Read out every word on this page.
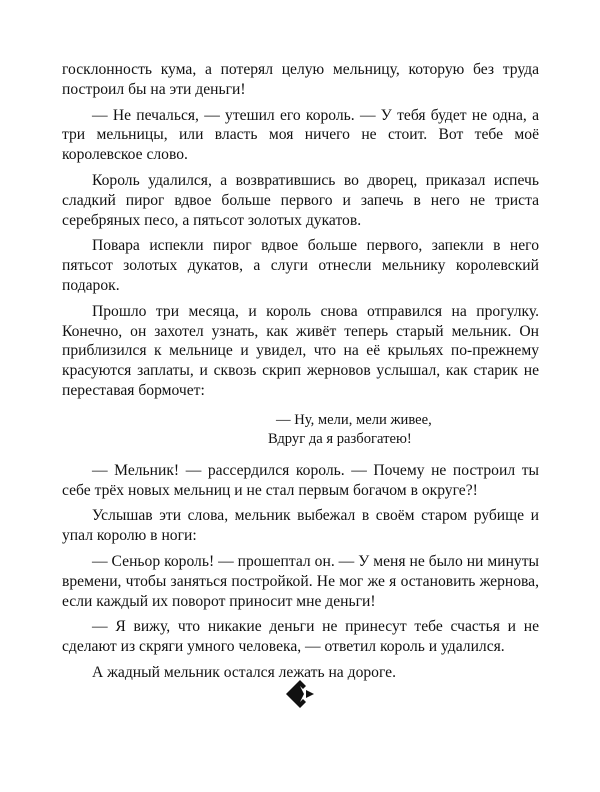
госклонность кума, а потерял целую мельницу, которую без труда построил бы на эти деньги!

— Не печалься, — утешил его король. — У тебя будет не одна, а три мельницы, или власть моя ничего не стоит. Вот тебе моё королевское слово.

Король удалился, а возвратившись во дворец, приказал испечь сладкий пирог вдвое больше первого и запечь в него не триста серебряных песо, а пятьсот золотых дукатов.

Повара испекли пирог вдвое больше первого, запекли в него пятьсот золотых дукатов, а слуги отнесли мельнику королевский подарок.

Прошло три месяца, и король снова отправился на прогулку. Конечно, он захотел узнать, как живёт теперь старый мельник. Он приблизился к мельнице и увидел, что на её крыльях по-прежнему красуются заплаты, и сквозь скрип жерновов услышал, как старик не переставая бормочет:

— Ну, мели, мели живее,
Вдруг да я разбогатею!

— Мельник! — рассердился король. — Почему не построил ты себе трёх новых мельниц и не стал первым богачом в округе?!

Услышав эти слова, мельник выбежал в своём старом рубище и упал королю в ноги:

— Сеньор король! — прошептал он. — У меня не было ни минуты времени, чтобы заняться постройкой. Не мог же я остановить жернова, если каждый их поворот приносит мне деньги!

— Я вижу, что никакие деньги не принесут тебе счастья и не сделают из скряги умного человека, — ответил король и удалился.

А жадный мельник остался лежать на дороге.
